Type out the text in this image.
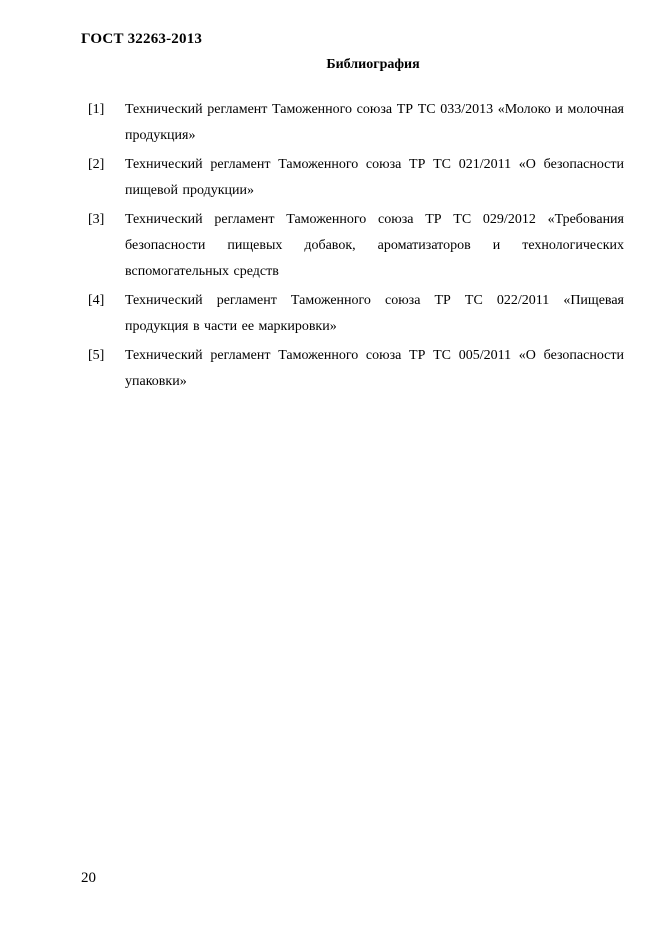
ГОСТ 32263-2013
Библиография
[1]	Технический регламент Таможенного союза ТР ТС 033/2013 «Молоко и молочная продукция»
[2]	Технический регламент Таможенного союза ТР ТС 021/2011 «О безопасности пищевой продукции»
[3]	Технический регламент Таможенного союза ТР ТС 029/2012 «Требования безопасности пищевых добавок, ароматизаторов и технологических вспомогательных средств
[4]	Технический регламент Таможенного союза ТР ТС 022/2011 «Пищевая продукция в части ее маркировки»
[5]	Технический регламент Таможенного союза ТР ТС 005/2011 «О безопасности упаковки»
20
